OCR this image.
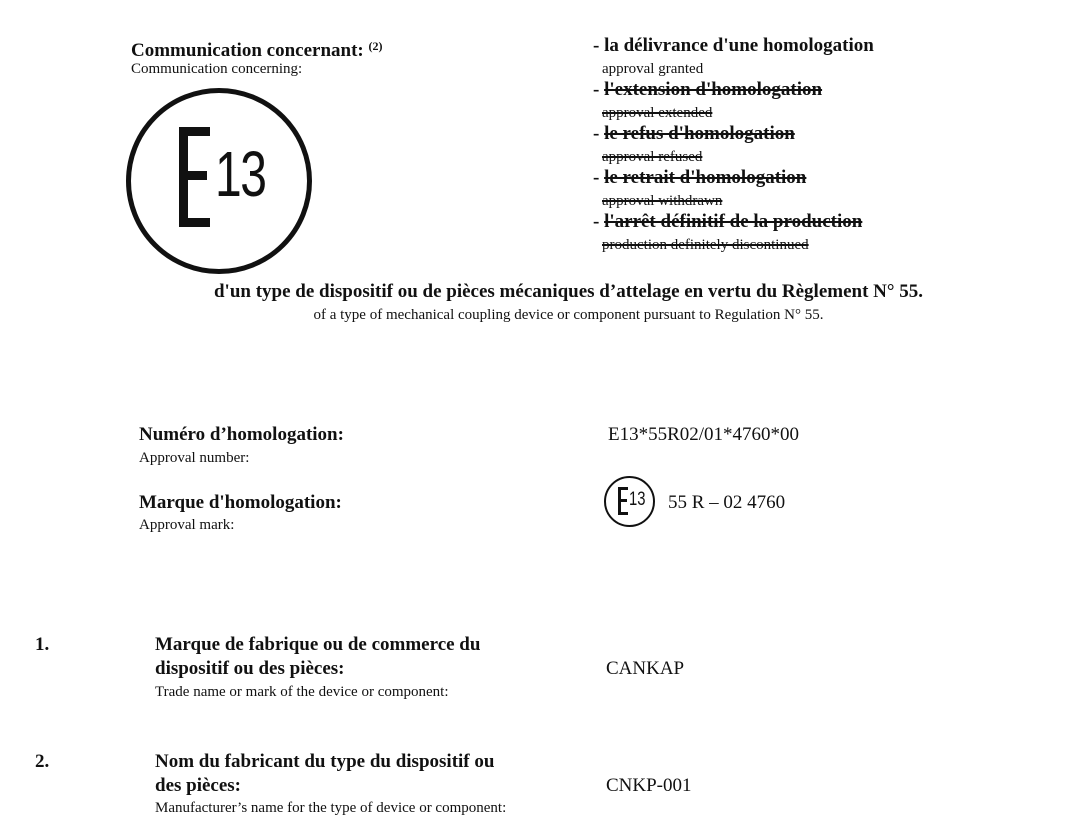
Communication concernant: $^{(2)}$
Communication concerning:
13
- la délivrance d'une homologation
approval granted
- l'extension d'homologation
approval extended
- le refus d'homologation
approval refused
- le retrait d'homologation
approval withdrawn
- l'arrêt définitif de la production
production definitely discontinued
d'un type de dispositif ou de pièces mécaniques d’attelage en vertu du Règlement N° 55.
of a type of mechanical coupling device or component pursuant to Regulation N° 55.
Numéro d’homologation:
Approval number:
E13*55R02/01*4760*00
Marque d'homologation:
Approval mark:
13 55 R – 02 4760
1.	Marque de fabrique ou de commerce du
dispositif ou des pièces:
Trade name or mark of the device or component:
CANKAP
2.	Nom du fabricant du type du dispositif ou
des pièces:
Manufacturer’s name for the type of device or component:
CNKP-001
